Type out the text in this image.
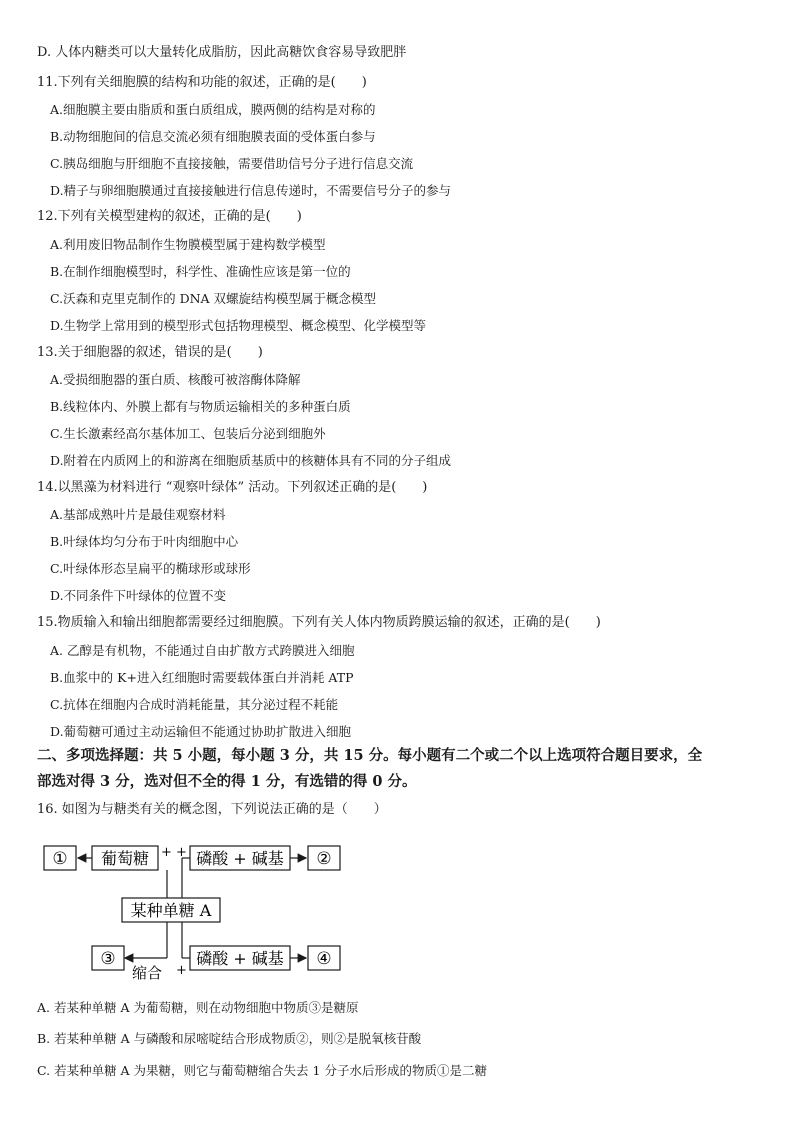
D. 人体内糖类可以大量转化成脂肪，因此高糖饮食容易导致肥胖
11.下列有关细胞膜的结构和功能的叙述，正确的是(　　)
A.细胞膜主要由脂质和蛋白质组成，膜两侧的结构是对称的
B.动物细胞间的信息交流必须有细胞膜表面的受体蛋白参与
C.胰岛细胞与肝细胞不直接接触，需要借助信号分子进行信息交流
D.精子与卵细胞膜通过直接接触进行信息传递时，不需要信号分子的参与
12.下列有关模型建构的叙述，正确的是(　　)
A.利用废旧物品制作生物膜模型属于建构数学模型
B.在制作细胞模型时，科学性、准确性应该是第一位的
C.沃森和克里克制作的 DNA 双螺旋结构模型属于概念模型
D.生物学上常用到的模型形式包括物理模型、概念模型、化学模型等
13.关于细胞器的叙述，错误的是(　　)
A.受损细胞器的蛋白质、核酸可被溶酶体降解
B.线粒体内、外膜上都有与物质运输相关的多种蛋白质
C.生长激素经高尔基体加工、包装后分泌到细胞外
D.附着在内质网上的和游离在细胞质基质中的核糖体具有不同的分子组成
14.以黑藻为材料进行 “观察叶绿体” 活动。下列叙述正确的是(　　)
A.基部成熟叶片是最佳观察材料
B.叶绿体均匀分布于叶肉细胞中心
C.叶绿体形态呈扁平的椭球形或球形
D.不同条件下叶绿体的位置不变
15.物质输入和输出细胞都需要经过细胞膜。下列有关人体内物质跨膜运输的叙述，正确的是(　　)
A. 乙醇是有机物，不能通过自由扩散方式跨膜进入细胞
B.血浆中的 K+进入红细胞时需要载体蛋白并消耗 ATP
C.抗体在细胞内合成时消耗能量，其分泌过程不耗能
D.葡萄糖可通过主动运输但不能通过协助扩散进入细胞
二、多项选择题：共 5 小题，每小题 3 分，共 15 分。每小题有二个或二个以上选项符合题目要求，全
部选对得 3 分，选对但不全的得 1 分，有选错的得 0 分。
16. 如图为与糖类有关的概念图，下列说法正确的是（　　）
① 葡萄糖 + + 磷酸 + 碱基 ②
某种单糖 A
+
③
缩合
磷酸 + 碱基 ④
A. 若某种单糖 A 为葡萄糖，则在动物细胞中物质③是糖原
B. 若某种单糖 A 与磷酸和尿嘧啶结合形成物质②，则②是脱氧核苷酸
C. 若某种单糖 A 为果糖，则它与葡萄糖缩合失去 1 分子水后形成的物质①是二糖
